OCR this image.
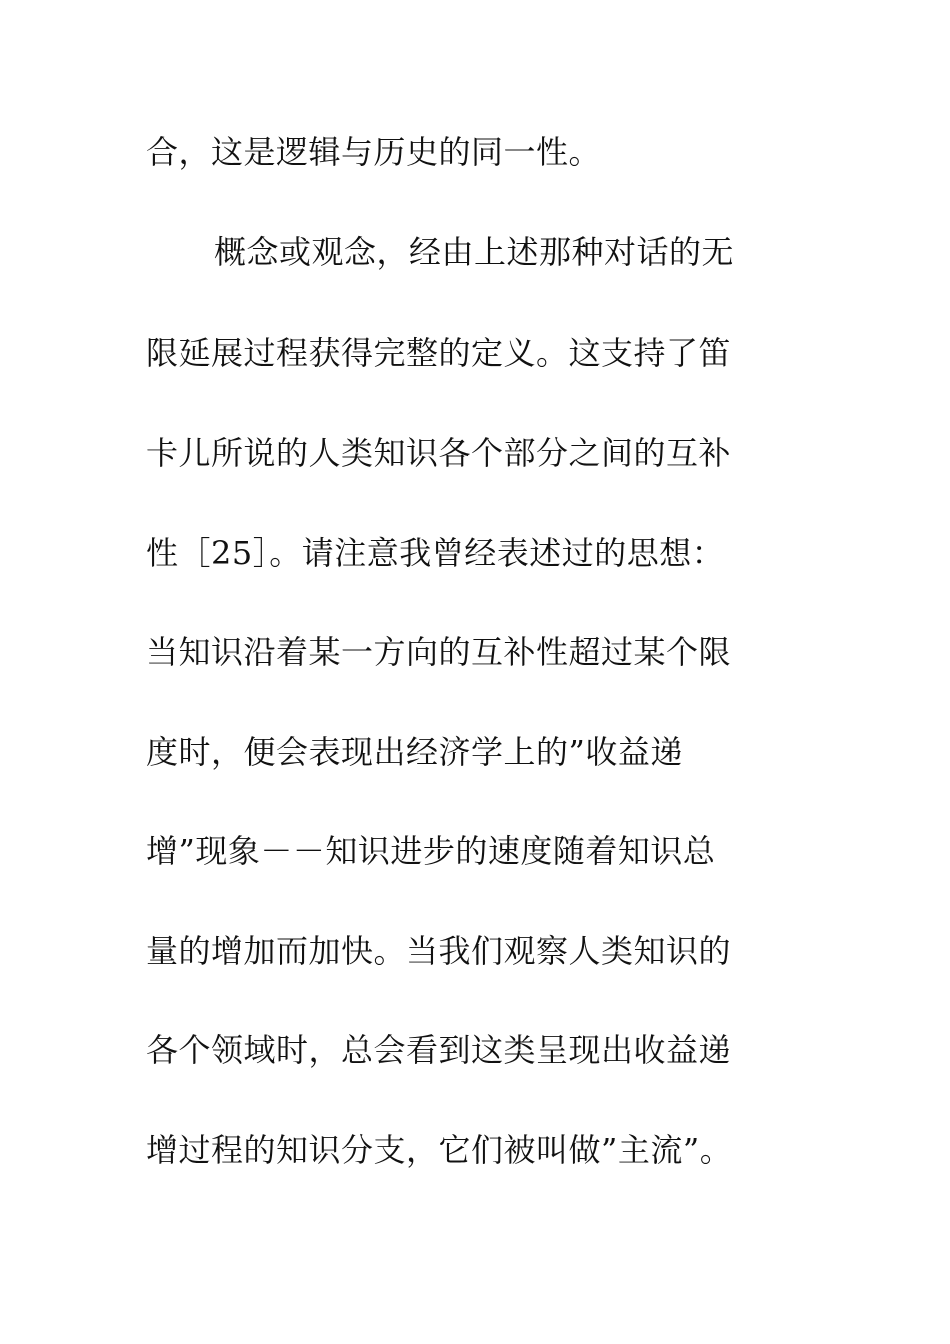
合，这是逻辑与历史的同一性。
概念或观念，经由上述那种对话的无
限延展过程获得完整的定义。这支持了笛
卡儿所说的人类知识各个部分之间的互补
性［25］。请注意我曾经表述过的思想：
当知识沿着某一方向的互补性超过某个限
度时，便会表现出经济学上的”收益递
增”现象－－知识进步的速度随着知识总
量的增加而加快。当我们观察人类知识的
各个领域时，总会看到这类呈现出收益递
增过程的知识分支，它们被叫做”主流”。
